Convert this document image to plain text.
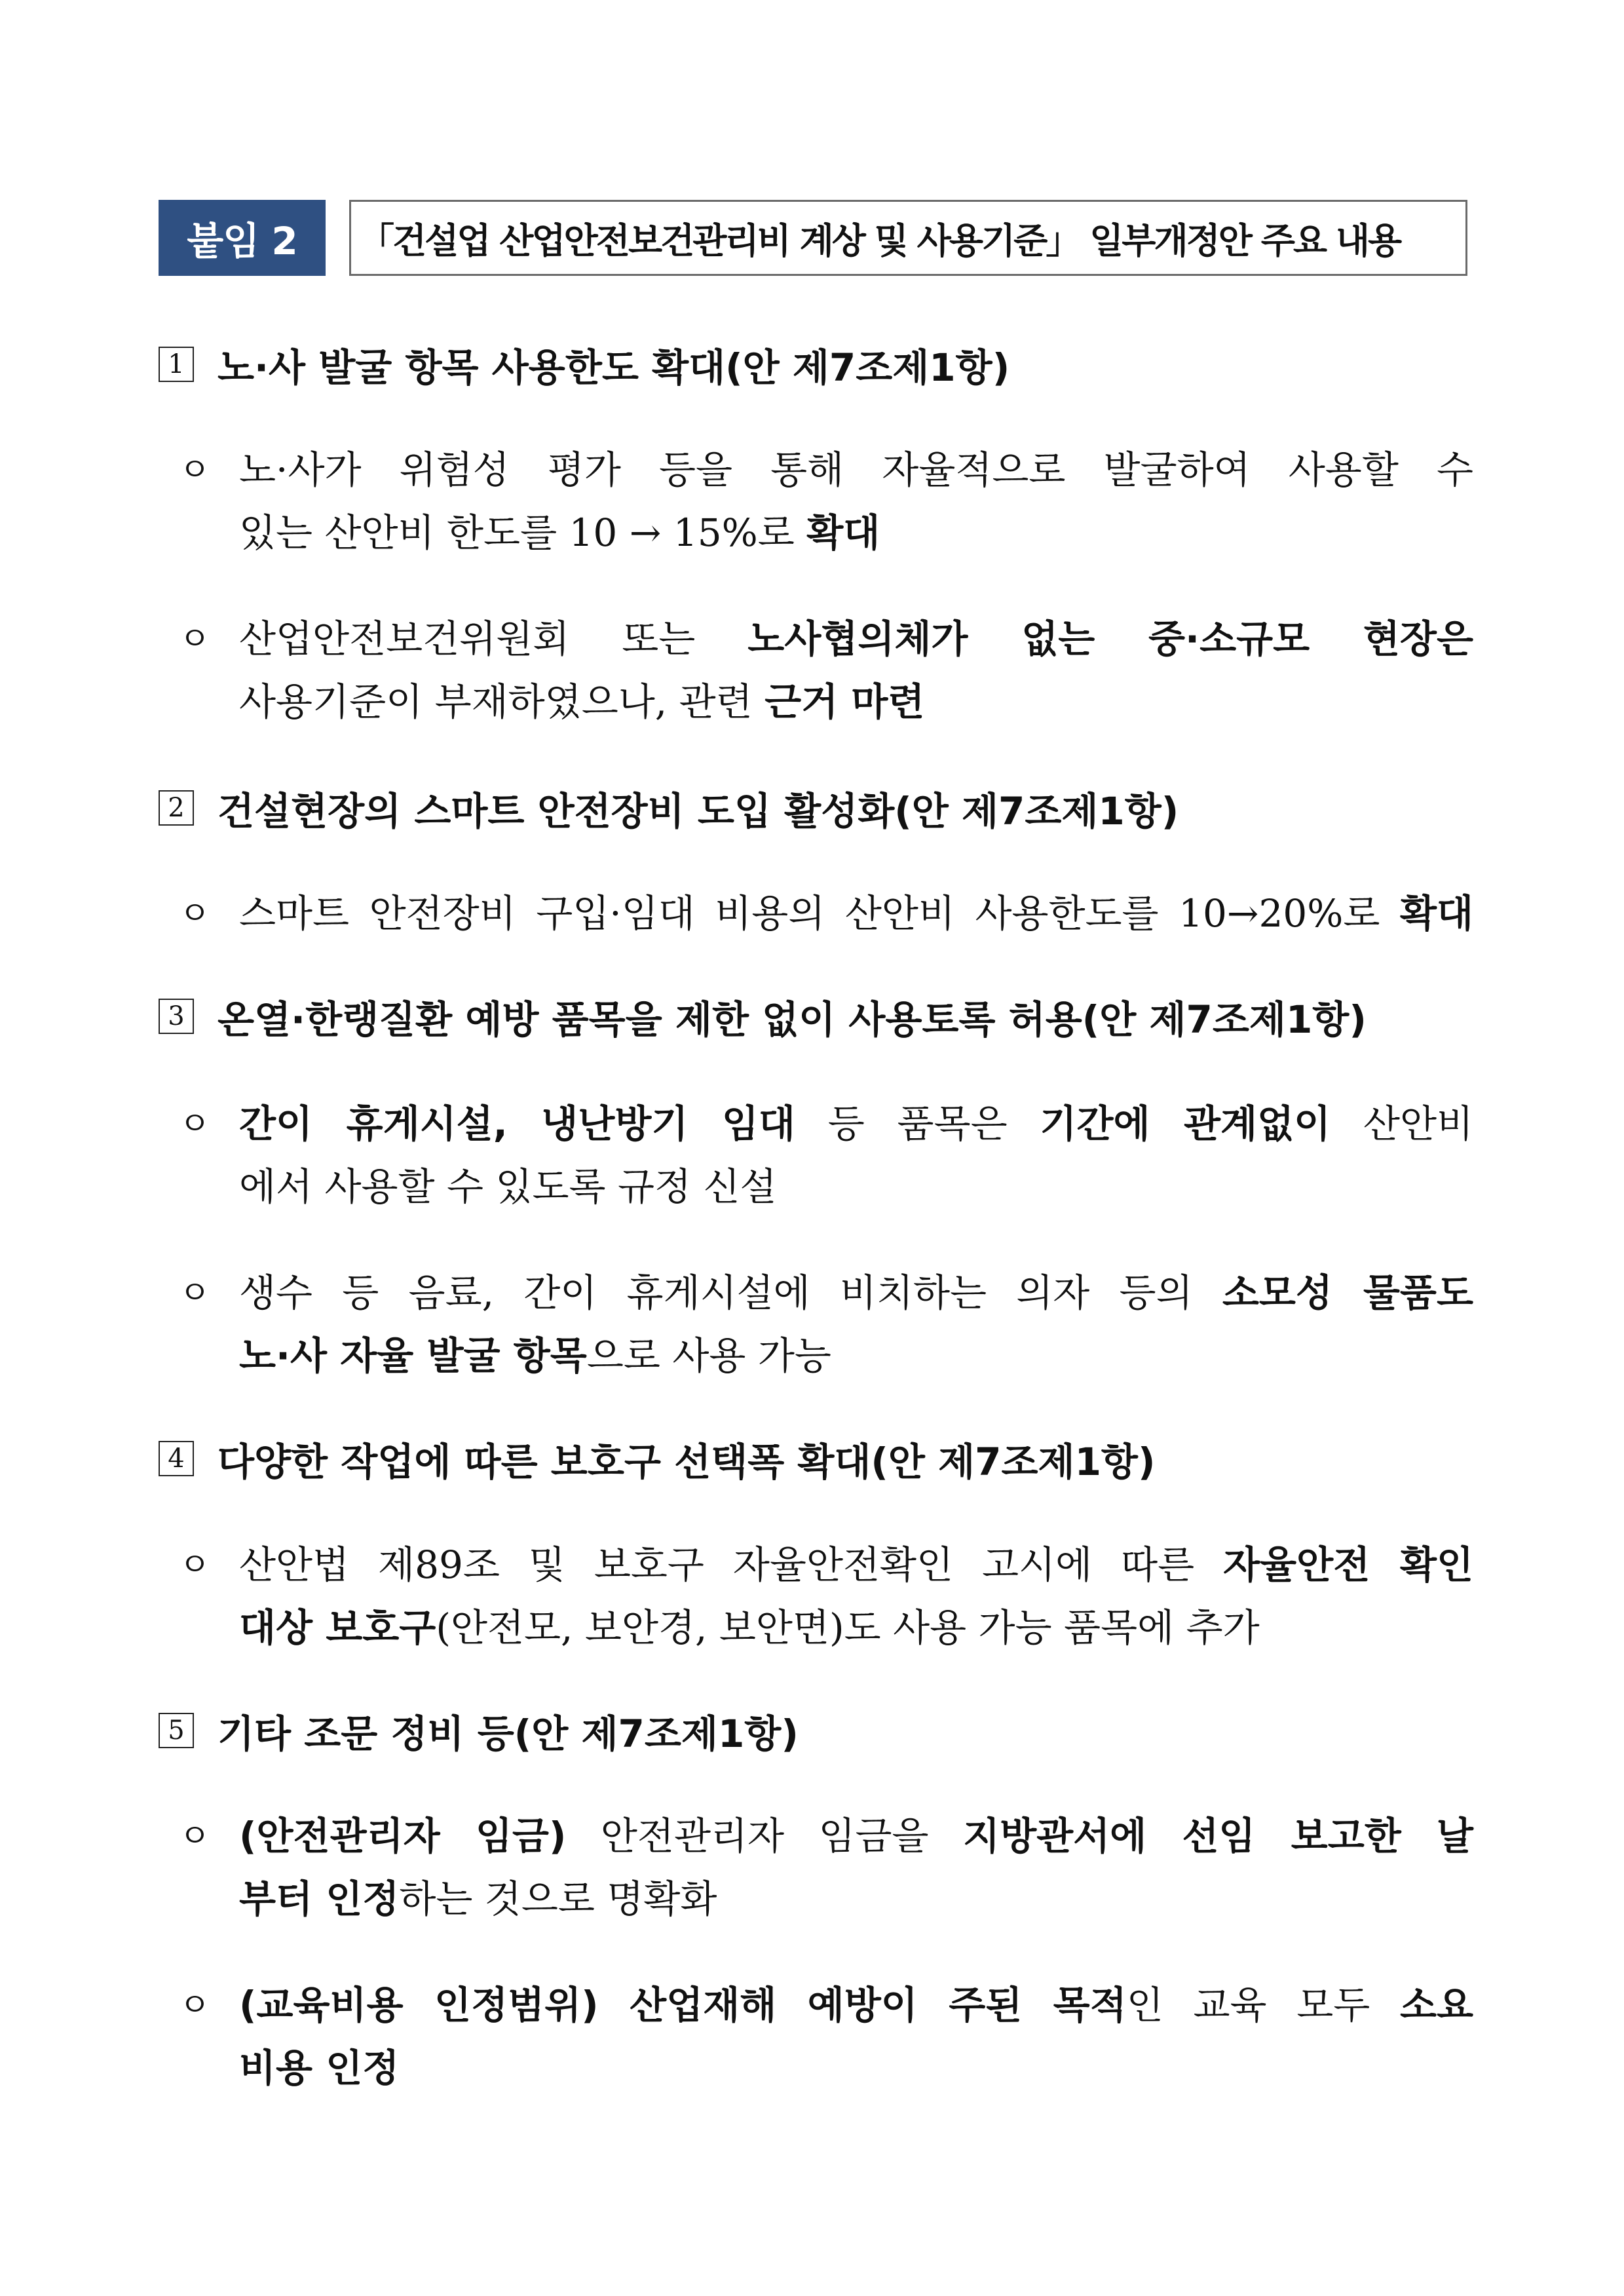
붙임 2	「건설업 산업안전보건관리비 계상 및 사용기준」 일부개정안 주요 내용
1 노·사 발굴 항목 사용한도 확대(안 제7조제1항)
ㅇ 노·사가 위험성 평가 등을 통해 자율적으로 발굴하여 사용할 수
있는 산안비 한도를 10 → 15%로 확대
ㅇ 산업안전보건위원회 또는 노사협의체가 없는 중·소규모 현장은
사용기준이 부재하였으나, 관련 근거 마련
2 건설현장의 스마트 안전장비 도입 활성화(안 제7조제1항)
ㅇ 스마트 안전장비 구입·임대 비용의 산안비 사용한도를 10→20%로 확대
3 온열·한랭질환 예방 품목을 제한 없이 사용토록 허용(안 제7조제1항)
ㅇ 간이 휴게시설, 냉난방기 임대 등 품목은 기간에 관계없이 산안비
에서 사용할 수 있도록 규정 신설
ㅇ 생수 등 음료, 간이 휴게시설에 비치하는 의자 등의 소모성 물품도
노·사 자율 발굴 항목으로 사용 가능
4 다양한 작업에 따른 보호구 선택폭 확대(안 제7조제1항)
ㅇ 산안법 제89조 및 보호구 자율안전확인 고시에 따른 자율안전 확인
대상 보호구(안전모, 보안경, 보안면)도 사용 가능 품목에 추가
5 기타 조문 정비 등(안 제7조제1항)
ㅇ (안전관리자 임금) 안전관리자 임금을 지방관서에 선임 보고한 날
부터 인정하는 것으로 명확화
ㅇ (교육비용 인정범위) 산업재해 예방이 주된 목적인 교육 모두 소요
비용 인정
